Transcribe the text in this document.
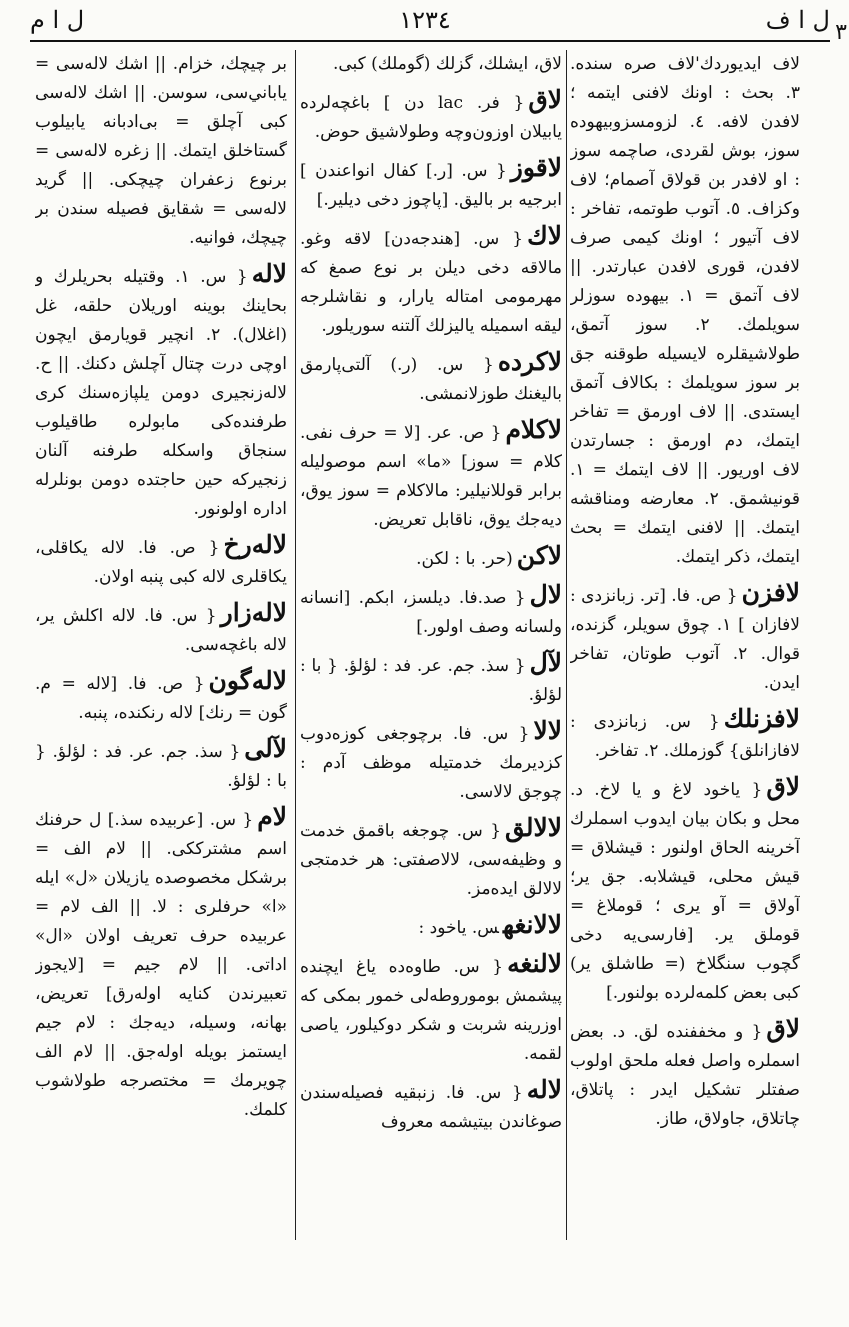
ل ا ف
١٢٣٤
ل ا م	٣

لاف ايديوردك'لاف صره سنده. ٣. بحث : اونك لافنى ايتمه ؛ لافدن لافه. ٤. لزومسزوبيهوده سوز، بوش لقردى، صاچمه سوز : او لافدر بن قولاق آصمام؛ لاف وكزاف. ٥. آتوب طوتمه، تفاخر : لاف آتيور ؛ اونك كيمى صرف لافدن، قورى لافدن عبارتدر. || لاف آتمق = ١. بيهوده سوزلر سويلمك. ٢. سوز آتمق، طولاشيقلره لايسيله طوقنه جق بر سوز سويلمك : بكالاف آتمق ايستدى. || لاف اورمق = تفاخر ايتمك، دم اورمق : جسارتدن لاف اوريور. || لاف ايتمك = ١. قونيشمق. ٢. معارضه ومناقشه ايتمك. || لافنى ايتمك = بحث ايتمك، ذكر ايتمك.

لافزن{ ص. فا. [تر. زبانزدى : لافازان ] ١. چوق سويلر، گزنده، قوال. ٢. آتوب طوتان، تفاخر ايدن.

لافزنلك{ س. زبانزدى : لافازانلق} گوزملك. ٢. تفاخر.

لاق{ ياخود لاغ و يا لاخ. د. محل و بكان بيان ايدوب اسملرك آخرينه الحاق اولنور : قيشلاق = قيش محلى، قيشلابه. جق ير؛ آولاق = آو يرى ؛ قوملاغ = قوملق ير. [فارسى‌يه دخى گچوب سنگلاخ (= طاشلق ير) كبى بعض كلمه‌لرده بولنور.]

لاق{ و مخففنده لق. د. بعض اسملره واصل فعله ملحق اولوب صفتلر تشكيل ايدر : پاتلاق، چاتلاق، جاولاق، طاز.

لاق، ايشلك، گزلك (گوملك) كبى.

لاق{ فر. lac دن ] باغچه‌لرده يابيلان اوزون‌وچه وطولاشيق حوض.

لاقوز{ س. [ر.] كفال انواعندن ] ابرجيه بر باليق. [پاچوز دخى ديلير.]

لاك{ س. [هندجه‌دن] لاقه وغو. مالاقه دخى ديلن بر نوع صمغ كه مهرمومى امتاله يارار، و نقاشلرجه ليقه اسميله ياليزلك آلتنه سوريلور.

لاكرده{ س. (ر.) آلتى‌پارمق باليغنك طوزلانمشى.

لاكلام{ ص. عر. [لا = حرف نفى. كلام = سوز] «ما» اسم موصوليله برابر قوللانيلير: مالاكلام = سوز يوق، ديه‌جك يوق، ناقابل تعريض.

لاكن(حر. با : لكن.

لال{ صد.فا. ديلسز، ابكم. [انسانه ولسانه وصف اولور.]

لآل{ سذ. جم. عر. فد : لؤلؤ. { با : لؤلؤ.

لالا{ س. فا. برچوجغى كوزه‌دوب كزديرمك خدمتيله موظف آدم : چوجق لالاسى.

لالالق{ س. چوجغه باقمق خدمت و وظيفه‌سى، لالاصفتى: هر خدمتجى لالالق ايده‌مز.

لالانغهس. ياخود :

لالنغه{ س. طاوه‌ده ياغ ايچنده پيشمش بوموروطه‌لى خمور بمكى كه اوزرينه شربت و شكر دوكيلور، ياصى لقمه.

لاله{ س. فا. زنبقيه فصيله‌سندن صوغاندن بيتيشمه معروف

بر چيچك، خزام. || اشك لاله‌سى = ياباني‌سى، سوسن. || اشك لاله‌سى كبى آچلق = بى‌ادبانه يابيلوب گستاخلق ايتمك. || زغره لاله‌سى = برنوع زعفران چيچكى. || گريد لاله‌سى = شقايق فصيله سندن بر چيچك، فوانيه.

لاله{ س. ١. وقتيله بحريلرك و بحاينك بوينه اوريلان حلقه، غل (اغلال). ٢. انچير قويارمق ايچون اوچى درت چتال آچلش دكنك. || ح. لاله‌زنجيرى دومن يلپازه‌سنك كرى طرفنده‌كى مابولره طاقيلوب سنجاق واسكله طرفنه آلنان زنجيركه حين حاجتده دومن بونلرله اداره اولونور.

لاله‌رخ{ ص. فا. لاله يكاقلى، يكاقلرى لاله كبى پنبه اولان.

لاله‌زار{ س. فا. لاله اكلش ير، لاله باغچه‌سى.

لاله‌گون{ ص. فا. [لاله = م. گون = رنك] لاله رنكنده، پنبه.

لآلى{ سذ. جم. عر. فد : لؤلؤ. { با : لؤلؤ.

لام{ س. [عربيده سذ.] ل حرفنك اسم مشترككى. || لام الف = برشكل مخصوصده يازيلان «ل» ايله «ا» حرفلرى : لا. || الف لام = عربيده حرف تعريف اولان «ال» اداتى. || لام جيم = [لايجوز تعبيرندن كنايه اوله‌رق] تعريض، بهانه، وسيله، ديه‌جك : لام جيم ايستمز بويله اوله‌جق. || لام الف چويرمك = مختصرجه طولاشوب كلمك.
